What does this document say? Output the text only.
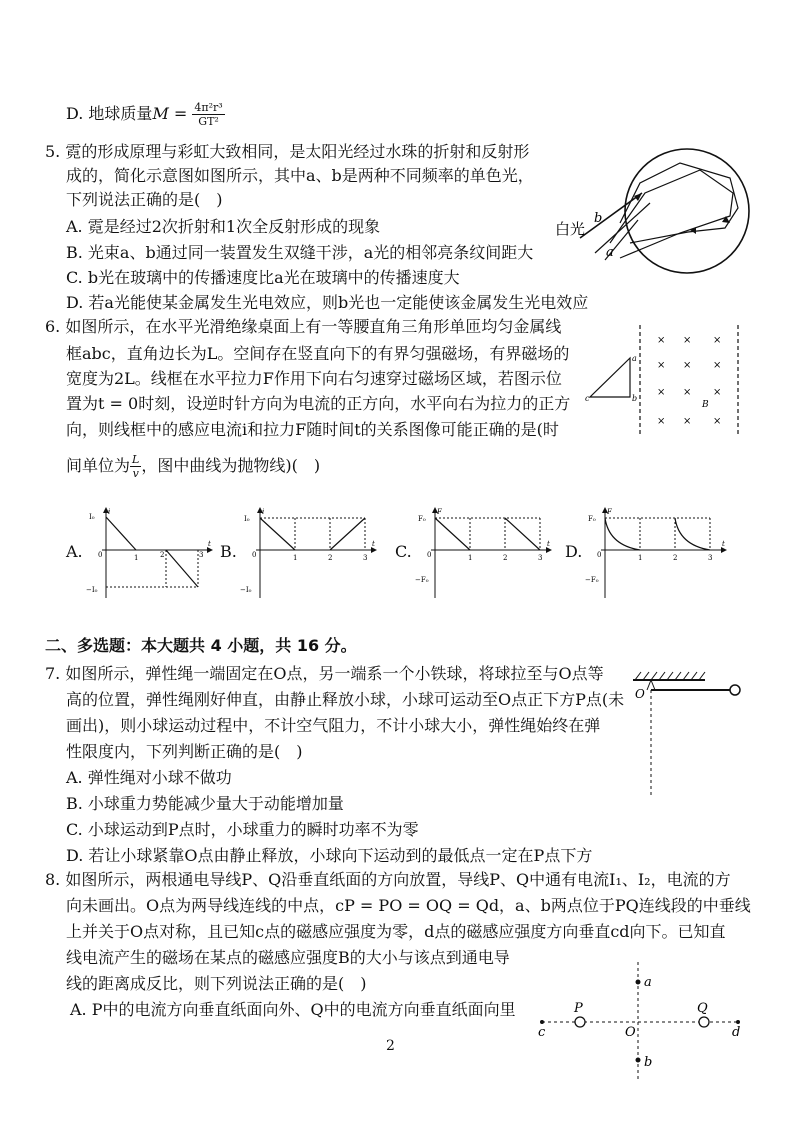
D. 地球质量$M = \frac{\text{4π²r³}}{\text{GT²}}$
5. 霓的形成原理与彩虹大致相同，是太阳光经过水珠的折射和反射形
成的，简化示意图如图所示，其中a、b是两种不同频率的单色光，
下列说法正确的是(　)
A. 霓是经过2次折射和1次全反射形成的现象
B. 光束a、b通过同一装置发生双缝干涉，a光的相邻亮条纹间距大
C. b光在玻璃中的传播速度比a光在玻璃中的传播速度大
D. 若a光能使某金属发生光电效应，则b光也一定能使该金属发生光电效应
白光
b
a
6. 如图所示，在水平光滑绝缘桌面上有一等腰直角三角形单匝均匀金属线
框abc，直角边长为L。空间存在竖直向下的有界匀强磁场，有界磁场的
宽度为2L。线框在水平拉力F作用下向右匀速穿过磁场区域，若图示位
置为t = 0时刻，设逆时针方向为电流的正方向，水平向右为拉力的正方
向，则线框中的感应电流i和拉力F随时间t的关系图像可能正确的是(时
间单位为 $\frac{L}{v}$ ，图中曲线为抛物线)(　)
a
b
c
B
× × ×
× × ×
× × ×
× × ×
A.
i
t
I₀
−I₀
0	1	2	3 B.
i
t
I₀
−I₀
0	1	2	3 C.
F
t
F₀
−F₀
0	1	2	3 D.
F
t
F₀
−F₀
0	1	2	3
二、多选题：本大题共 4 小题，共 16 分。
7. 如图所示，弹性绳一端固定在O点，另一端系一个小铁球，将球拉至与O点等
高的位置，弹性绳刚好伸直，由静止释放小球，小球可运动至O点正下方P点(未
画出)，则小球运动过程中，不计空气阻力，不计小球大小，弹性绳始终在弹
性限度内，下列判断正确的是(　)
A. 弹性绳对小球不做功
B. 小球重力势能减少量大于动能增加量
C. 小球运动到P点时，小球重力的瞬时功率不为零
D. 若让小球紧靠O点由静止释放，小球向下运动到的最低点一定在P点下方
O
8. 如图所示，两根通电导线P、Q沿垂直纸面的方向放置，导线P、Q中通有电流I₁、I₂，电流的方
向未画出。O点为两导线连线的中点，cP = PO = OQ = Qd，a、b两点位于PQ连线段的中垂线
上并关于O点对称，且已知c点的磁感应强度为零，d点的磁感应强度方向垂直cd向下。已知直
线电流产生的磁场在某点的磁感应强度B的大小与该点到通电导
线的距离成反比，则下列说法正确的是(　)
A. P中的电流方向垂直纸面向外、Q中的电流方向垂直纸面向里
a
b
c	d
O
P	Q
2
